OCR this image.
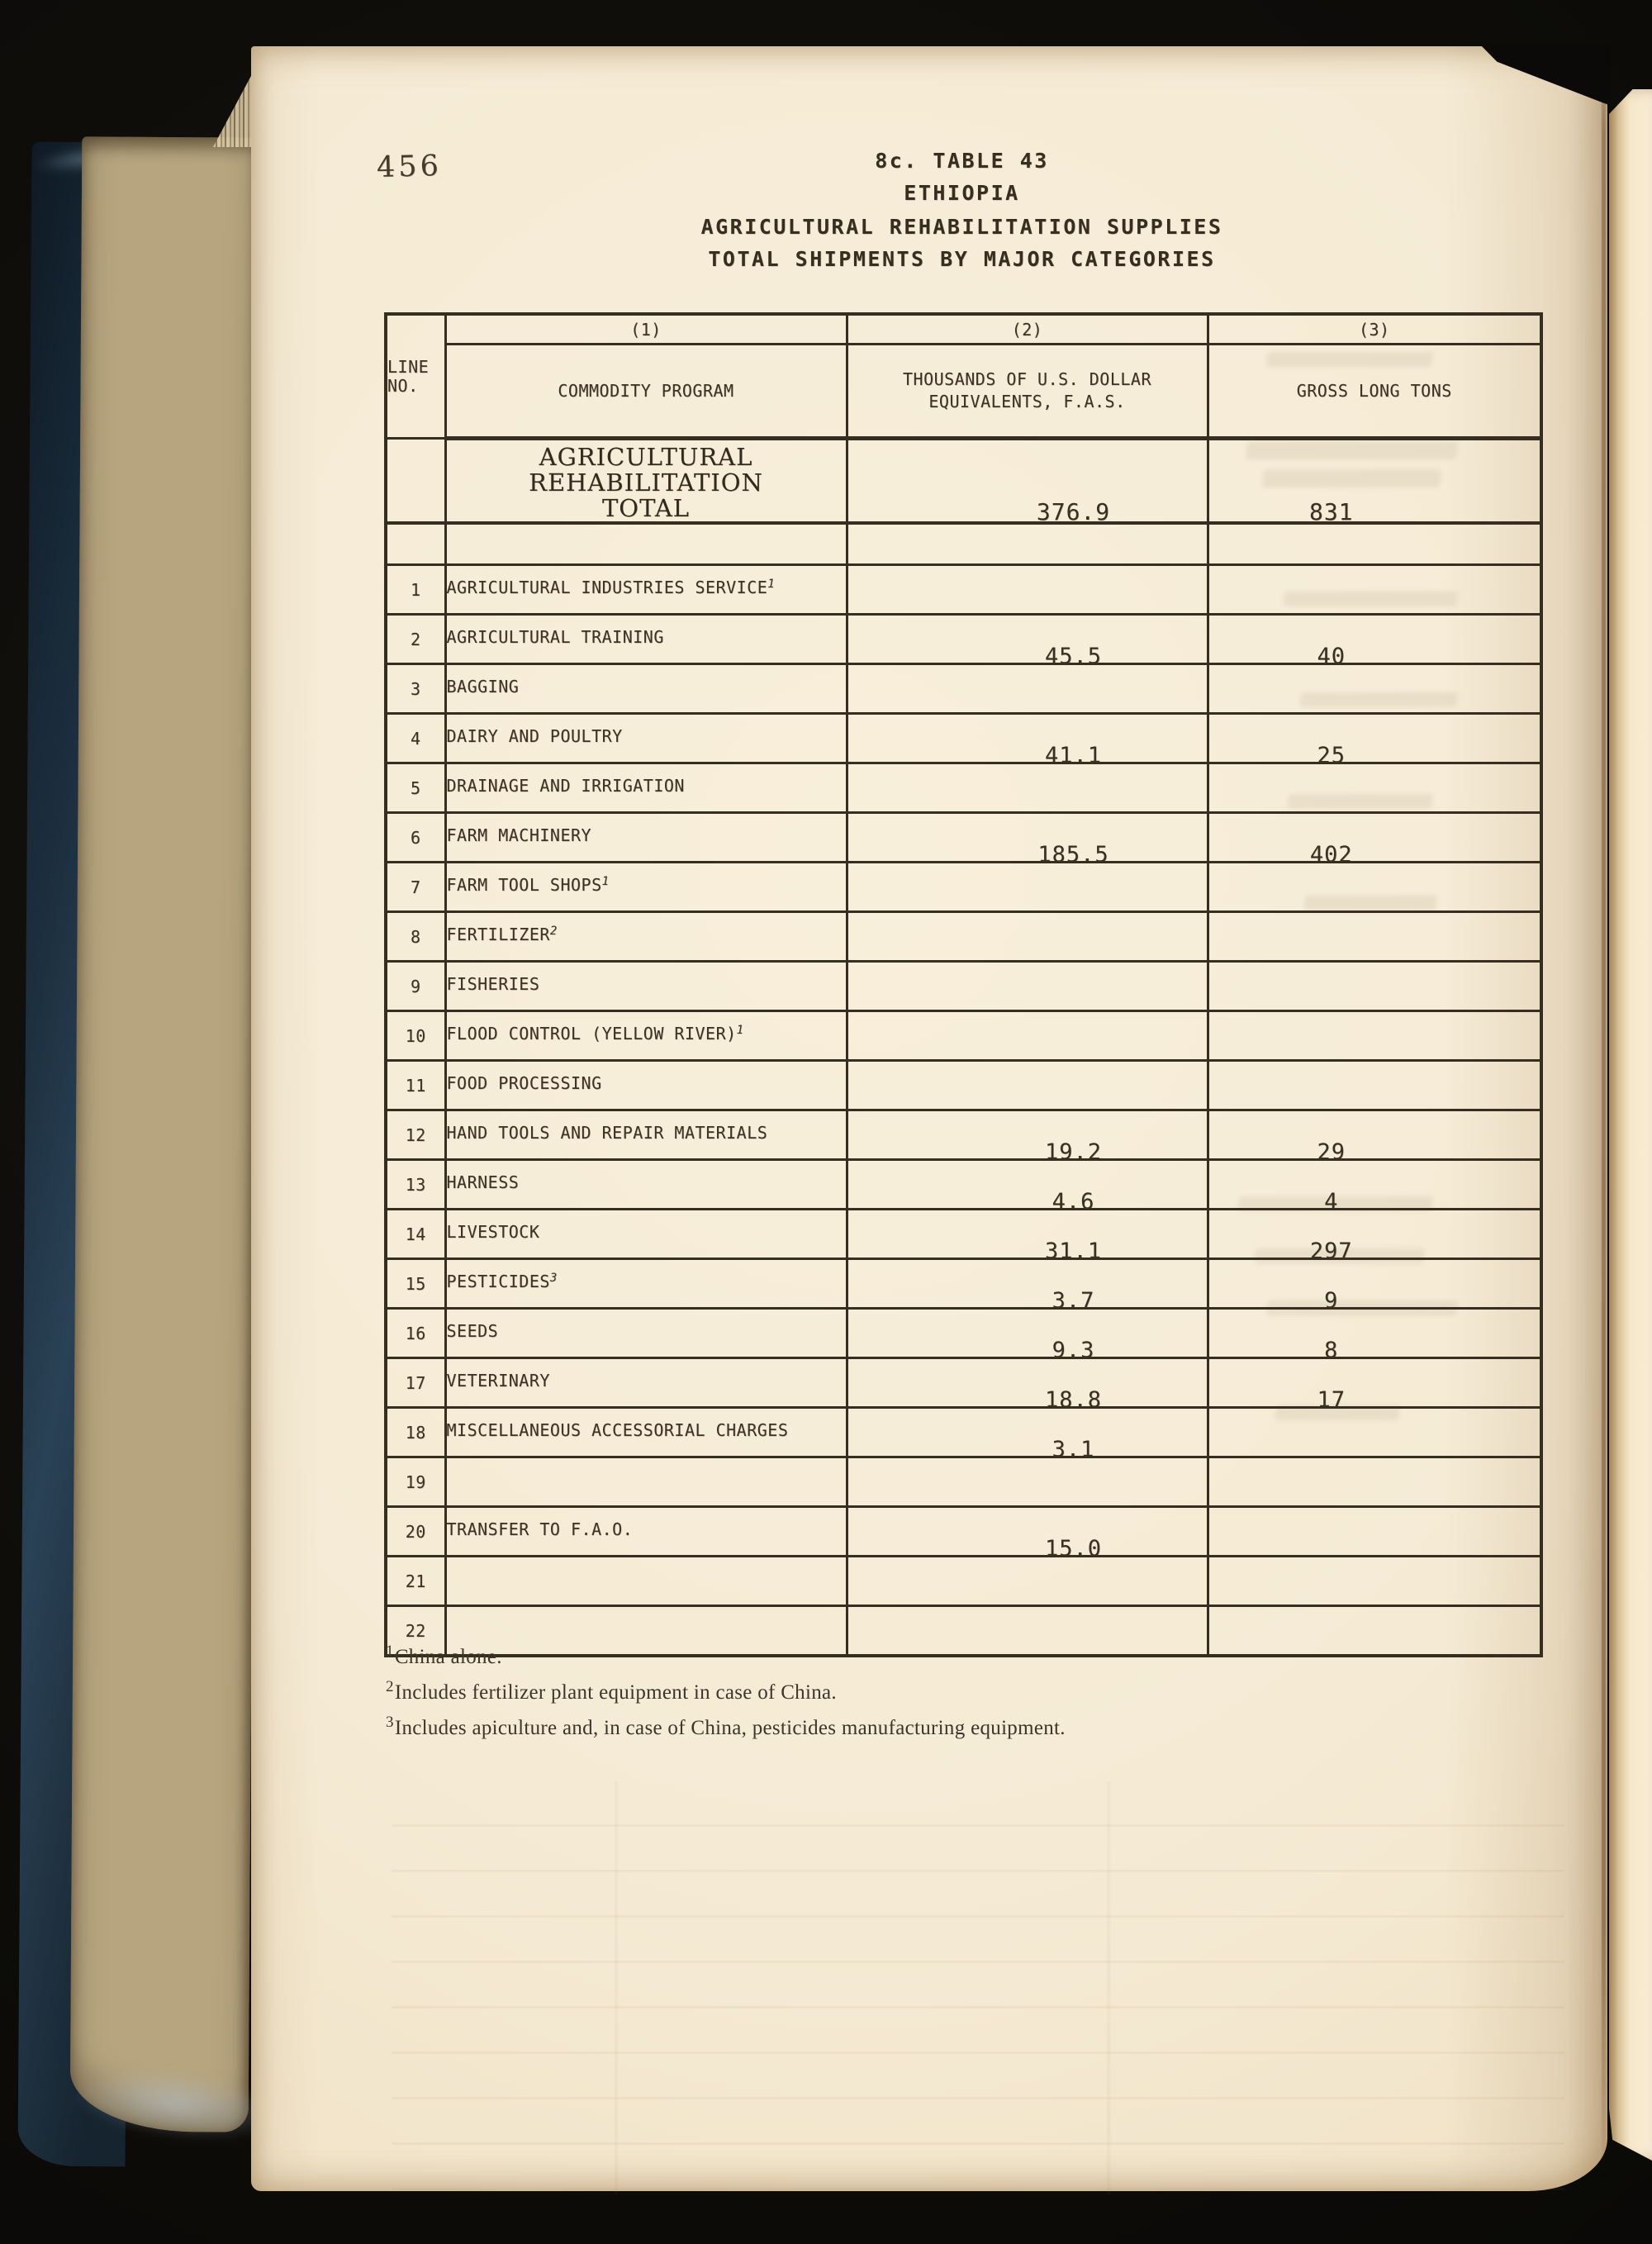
456	8c. TABLE 43
ETHIOPIA
AGRICULTURAL REHABILITATION SUPPLIES
TOTAL SHIPMENTS BY MAJOR CATEGORIES
LINE
NO.	(1)	(2)	(3)
	COMMODITY PROGRAM	THOUSANDS OF U.S. DOLLAR
EQUIVALENTS, F.A.S.	GROSS LONG TONS

	AGRICULTURAL REHABILITATION
TOTAL	376.9	831

1	AGRICULTURAL INDUSTRIES SERVICE$^1$	

2	AGRICULTURAL TRAINING	45.5	40

3	BAGGING	

4	DAIRY AND POULTRY	41.1	25

5	DRAINAGE AND IRRIGATION	

6	FARM MACHINERY	185.5	402

7	FARM TOOL SHOPS$^1$	

8	FERTILIZER$^2$	

9	FISHERIES	

10	FLOOD CONTROL (YELLOW RIVER)$^1$	

11	FOOD PROCESSING	

12	HAND TOOLS AND REPAIR MATERIALS	19.2	29

13	HARNESS	4.6	4

14	LIVESTOCK	31.1	297

15	PESTICIDES$^3$	3.7	9

16	SEEDS	9.3	8

17	VETERINARY	18.8	17

18	MISCELLANEOUS ACCESSORIAL CHARGES	3.1	

19		

20	TRANSFER TO F.A.O.	15.0	

21		

22		

$^1$China alone.
$^2$Includes fertilizer plant equipment in case of China.
$^3$Includes apiculture and, in case of China, pesticides manufacturing equipment.
